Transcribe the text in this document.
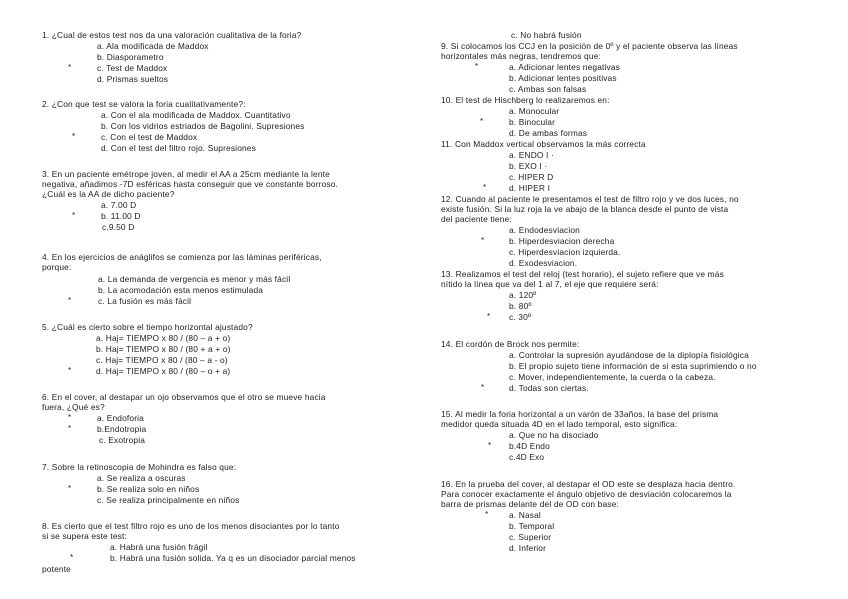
1. ¿Cual de estos test nos da una valoración cualitativa de la foria?
a. Ala modificada de Maddox
b. Diasporametro
c. Test de Maddox
*
d. Prismas sueltos
2. ¿Con que test se valora la foria cualitativamente?:
a. Con el ala modificada de Maddox. Cuantitativo
b. Con los vidrios estriados de Bagolini. Supresiones
c. Con el test de Maddox
*
d. Con el test del filtro rojo. Supresiones
3. En un paciente emétrope joven, al medir el AA a 25cm mediante la lente
negativa, añadimos -7D esféricas hasta conseguir que ve constante borroso.
¿Cuál es la AA de dicho paciente?
a. 7.00 D
b. 11.00 D
*
c.9.50 D
4. En los ejercicios de anáglifos se comienza por las láminas periféricas,
porque:
a. La demanda de vergencia es menor y más fácil
b. La acomodación esta menos estimulada
c. La fusión es más fácil
*
5. ¿Cuál es cierto sobre el tiempo horizontal ajustado?
a. Haj= TIEMPO x 80 / (80 – a + o)
b. Haj= TIEMPO x 80 / (80 + a + o)
c. Haj= TIEMPO x 80 / (80 – a - o)
d. Haj= TIEMPO x 80 / (80 – o + a)
*
6. En el cover, al destapar un ojo observamos que el otro se mueve hacia
fuera, ¿Qué es?
a. Endoforia
*
b.Endotropia
*
c. Exotropia
7. Sobre la retinoscopia de Mohindra es falso que:
a. Se realiza a oscuras
b. Se realiza solo en niños
*
c. Se realiza principalmente en niños
8. Es cierto que el test filtro rojo es uno de los menos disociantes por lo tanto
si se supera este test:
a. Habrá una fusión frágil
b. Habrá una fusión solida. Ya q es un disociador parcial menos
*
potente
c. No habrá fusión
9. Si colocamos los CCJ en la posición de 0º y el paciente observa las líneas
horizontales más negras, tendremos que:
a. Adicionar lentes negativas
*
b. Adicionar lentes positivas
c. Ambas son falsas
10. El test de Hischberg lo realizaremos en:
a. Monocular
b. Binocular
*
d. De ambas formas
11. Con Maddox vertical observamos la más correcta
a. ENDO I ·
b. EXO I ·
c. HIPER D
d. HIPER I
*
12. Cuando al paciente le presentamos el test de filtro rojo y ve dos luces, no
existe fusión. Si la luz roja la ve abajo de la blanca desde el punto de vista
del paciente tiene:
a. Endodesviacion
b. Hiperdesviacion derecha
*
c. Hiperdesviacion izquierda.
d. Exodesviacion.
13. Realizamos el test del reloj (test horario), el sujeto refiere que ve más
nítido la línea que va del 1 al 7, el eje que requiere será:
a. 120º
b. 80º
c. 30º
*
14. El cordón de Brock nos permite:
a. Controlar la supresión ayudándose de la diplopía fisiológica
b. El propio sujeto tiene información de si esta suprimiendo o no
c. Mover, independientemente, la cuerda o la cabeza.
d. Todas son ciertas.
*
15. Al medir la foria horizontal a un varón de 33años, la base del prisma
medidor queda situada 4D en el lado temporal, esto significa:
a. Que no ha disociado
b.4D Endo
*
c.4D Exo
16. En la prueba del cover, al destapar el OD este se desplaza hacia dentro.
Para conocer exactamente el ángulo objetivo de desviación colocaremos la
barra de prismas delante del de OD con base:
a. Nasal
*
b. Temporal
c. Superior
d. Inferior
